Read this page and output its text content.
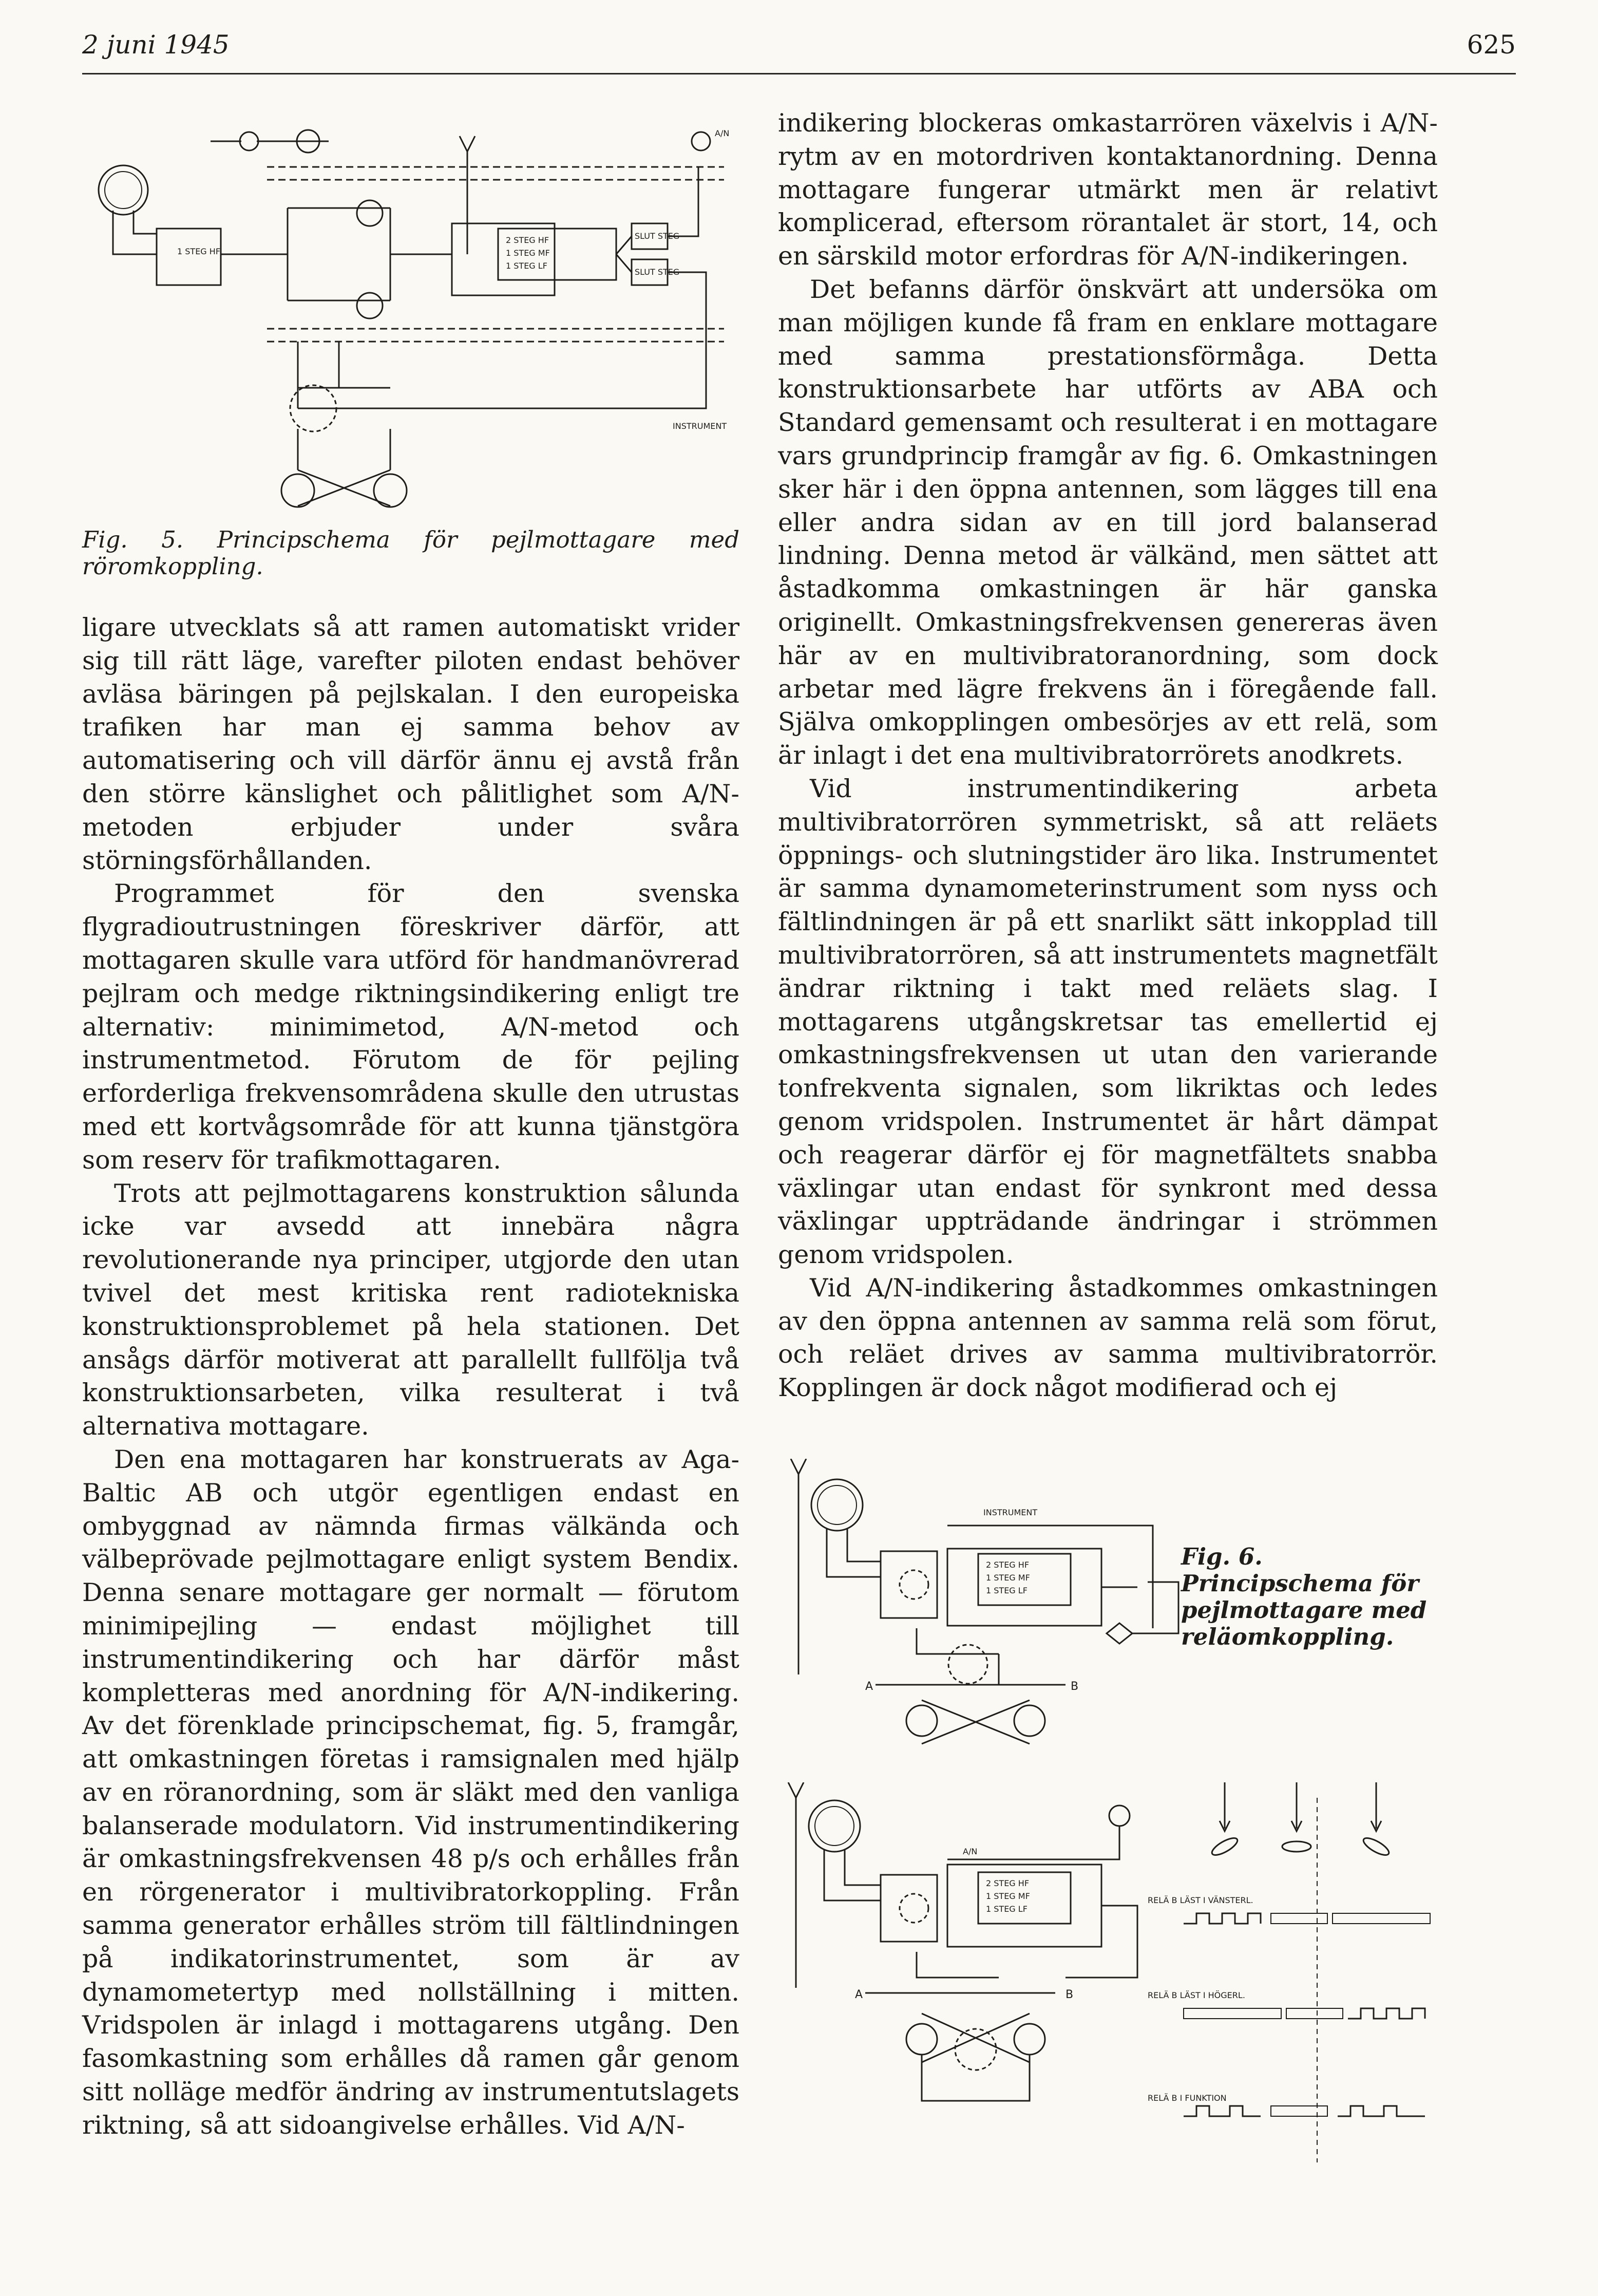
2 juni 1945	625
1 STEG HF
2 STEG HF
1 STEG MF
1 STEG LF
SLUT STEG
SLUT STEG
A/N
INSTRUMENT
Fig. 5. Principschema för pejlmottagare med röromkoppling.

ligare utvecklats så att ramen automatiskt vrider sig till rätt läge, varefter piloten endast behöver avläsa bäringen på pejlskalan. I den europeiska trafiken har man ej samma behov av automatisering och vill därför ännu ej avstå från den större känslighet och pålitlighet som A/N-metoden erbjuder under svåra störningsförhållanden.

Programmet för den svenska flygradioutrustningen föreskriver därför, att mottagaren skulle vara utförd för handmanövrerad pejlram och medge riktningsindikering enligt tre alternativ: minimimetod, A/N-metod och instrumentmetod. Förutom de för pejling erforderliga frekvensområdena skulle den utrustas med ett kortvågsområde för att kunna tjänstgöra som reserv för trafikmottagaren.

Trots att pejlmottagarens konstruktion sålunda icke var avsedd att innebära några revolutionerande nya principer, utgjorde den utan tvivel det mest kritiska rent radiotekniska konstruktionsproblemet på hela stationen. Det ansågs därför motiverat att parallellt fullfölja två konstruktionsarbeten, vilka resulterat i två alternativa mottagare.

Den ena mottagaren har konstruerats av Aga-Baltic AB och utgör egentligen endast en ombyggnad av nämnda firmas välkända och välbeprövade pejlmottagare enligt system Bendix. Denna senare mottagare ger normalt — förutom minimipejling — endast möjlighet till instrumentindikering och har därför måst kompletteras med anordning för A/N-indikering. Av det förenklade principschemat, fig. 5, framgår, att omkastningen företas i ramsignalen med hjälp av en röranordning, som är släkt med den vanliga balanserade modulatorn. Vid instrumentindikering är omkastningsfrekvensen 48 p/s och erhålles från en rörgenerator i multivibratorkoppling. Från samma generator erhålles ström till fältlindningen på indikatorinstrumentet, som är av dynamometertyp med nollställning i mitten. Vridspolen är inlagd i mottagarens utgång. Den fasomkastning som erhålles då ramen går genom sitt nolläge medför ändring av instrumentutslagets riktning, så att sidoangivelse erhålles. Vid A/N-

indikering blockeras omkastarrören växelvis i A/N-rytm av en motordriven kontaktanordning. Denna mottagare fungerar utmärkt men är relativt komplicerad, eftersom rörantalet är stort, 14, och en särskild motor erfordras för A/N-indikeringen.

Det befanns därför önskvärt att undersöka om man möjligen kunde få fram en enklare mottagare med samma prestationsförmåga. Detta konstruktionsarbete har utförts av ABA och Standard gemensamt och resulterat i en mottagare vars grundprincip framgår av fig. 6. Omkastningen sker här i den öppna antennen, som lägges till ena eller andra sidan av en till jord balanserad lindning. Denna metod är välkänd, men sättet att åstadkomma omkastningen är här ganska originellt. Omkastningsfrekvensen genereras även här av en multivibratoranordning, som dock arbetar med lägre frekvens än i föregående fall. Själva omkopplingen ombesörjes av ett relä, som är inlagt i det ena multivibratorrörets anodkrets.

Vid instrumentindikering arbeta multivibratorrören symmetriskt, så att reläets öppnings- och slutningstider äro lika. Instrumentet är samma dynamometerinstrument som nyss och fältlindningen är på ett snarlikt sätt inkopplad till multivibratorrören, så att instrumentets magnetfält ändrar riktning i takt med reläets slag. I mottagarens utgångskretsar tas emellertid ej omkastningsfrekvensen ut utan den varierande tonfrekventa signalen, som likriktas och ledes genom vridspolen. Instrumentet är hårt dämpat och reagerar därför ej för magnetfältets snabba växlingar utan endast för synkront med dessa växlingar uppträdande ändringar i strömmen genom vridspolen.

Vid A/N-indikering åstadkommes omkastningen av den öppna antennen av samma relä som förut, och reläet drives av samma multivibratorrör. Kopplingen är dock något modifierad och ej

2 STEG HF
1 STEG MF
1 STEG LF
INSTRUMENT
A	B
Fig. 6. Principschema för pejlmottagare med reläomkoppling.
2 STEG HF
1 STEG MF
1 STEG LF
A/N
A	B
RELÄ B LÄST I VÄNSTERL.
RELÄ B LÄST I HÖGERL.
RELÄ B I FUNKTION
